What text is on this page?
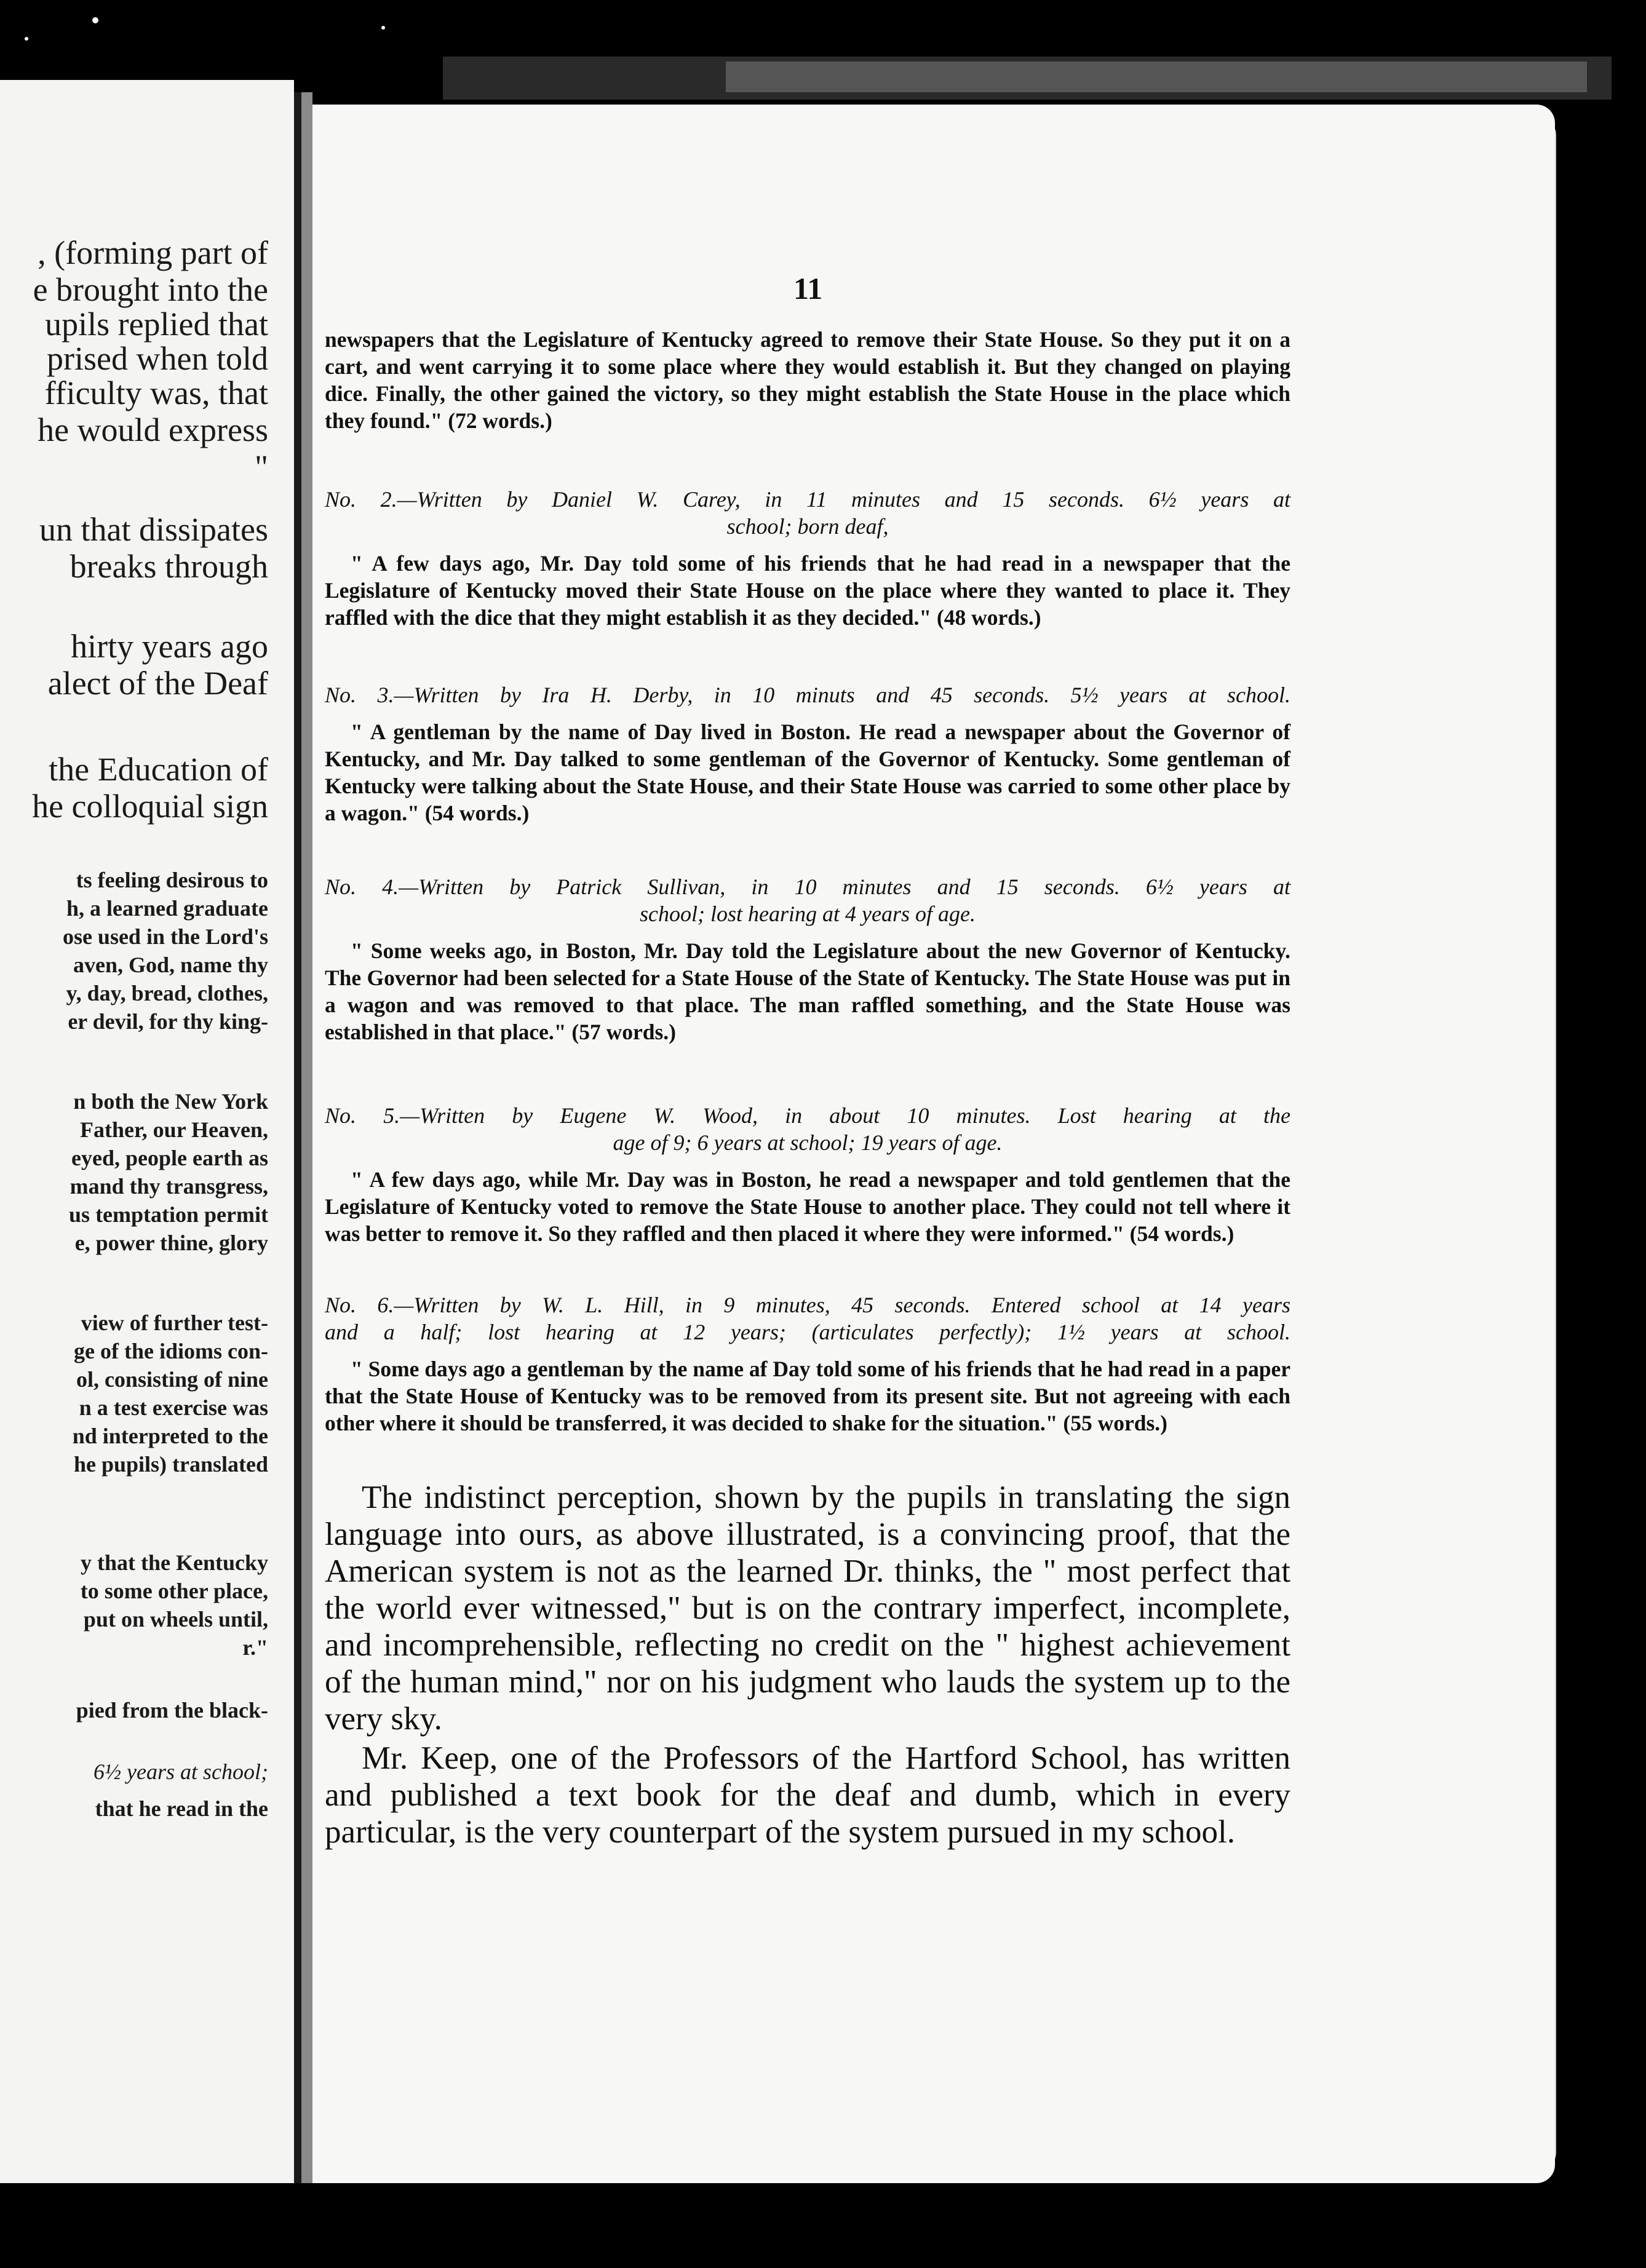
, (forming part of
e brought into the
upils replied that
prised when told
fficulty was, that
he would express
"
un that dissipates
breaks through
hirty years ago
alect of the Deaf
the Education of
he colloquial sign
ts feeling desirous to
h, a learned graduate
ose used in the Lord's
aven, God, name thy
y, day, bread, clothes,
er devil, for thy king-
n both the New York
Father, our Heaven,
eyed, people earth as
mand thy transgress,
us temptation permit
e, power thine, glory
view of further test-
ge of the idioms con-
ol, consisting of nine
n a test exercise was
nd interpreted to the
he pupils) translated
y that the Kentucky
to some other place,
put on wheels until,
r."
pied from the black-
that he read in the
6½ years at school;
11
newspapers that the Legislature of Kentucky agreed to remove their State House. So they put it on a cart, and went carrying it to some place where they would establish it. But they changed on playing dice. Finally, the other gained the victory, so they might establish the State House in the place which they found." (72 words.)
No. 2.—Written by Daniel W. Carey, in 11 minutes and 15 seconds. 6½ years at
school; born deaf,
" A few days ago, Mr. Day told some of his friends that he had read in a newspaper that the Legislature of Kentucky moved their State House on the place where they wanted to place it. They raffled with the dice that they might establish it as they decided." (48 words.)
No. 3.—Written by Ira H. Derby, in 10 minuts and 45 seconds. 5½ years at school.
" A gentleman by the name of Day lived in Boston. He read a newspaper about the Governor of Kentucky, and Mr. Day talked to some gentleman of the Governor of Kentucky. Some gentleman of Kentucky were talking about the State House, and their State House was carried to some other place by a wagon." (54 words.)
No. 4.—Written by Patrick Sullivan, in 10 minutes and 15 seconds. 6½ years at
school; lost hearing at 4 years of age.
" Some weeks ago, in Boston, Mr. Day told the Legislature about the new Governor of Kentucky. The Governor had been selected for a State House of the State of Kentucky. The State House was put in a wagon and was removed to that place. The man raffled something, and the State House was established in that place." (57 words.)
No. 5.—Written by Eugene W. Wood, in about 10 minutes. Lost hearing at the
age of 9; 6 years at school; 19 years of age.
" A few days ago, while Mr. Day was in Boston, he read a newspaper and told gentlemen that the Legislature of Kentucky voted to remove the State House to another place. They could not tell where it was better to remove it. So they raffled and then placed it where they were informed." (54 words.)
No. 6.—Written by W. L. Hill, in 9 minutes, 45 seconds. Entered school at 14 years
and a half; lost hearing at 12 years; (articulates perfectly); 1½ years at school.
" Some days ago a gentleman by the name af Day told some of his friends that he had read in a paper that the State House of Kentucky was to be removed from its present site. But not agreeing with each other where it should be transferred, it was decided to shake for the situation." (55 words.)

The indistinct perception, shown by the pupils in translating the sign language into ours, as above illustrated, is a convincing proof, that the American system is not as the learned Dr. thinks, the " most perfect that the world ever witnessed," but is on the contrary imperfect, incomplete, and incomprehensible, reflecting no credit on the " highest achievement of the human mind," nor on his judgment who lauds the system up to the very sky.

Mr. Keep, one of the Professors of the Hartford School, has written and published a text book for the deaf and dumb, which in every particular, is the very counterpart of the system pursued in my school.
